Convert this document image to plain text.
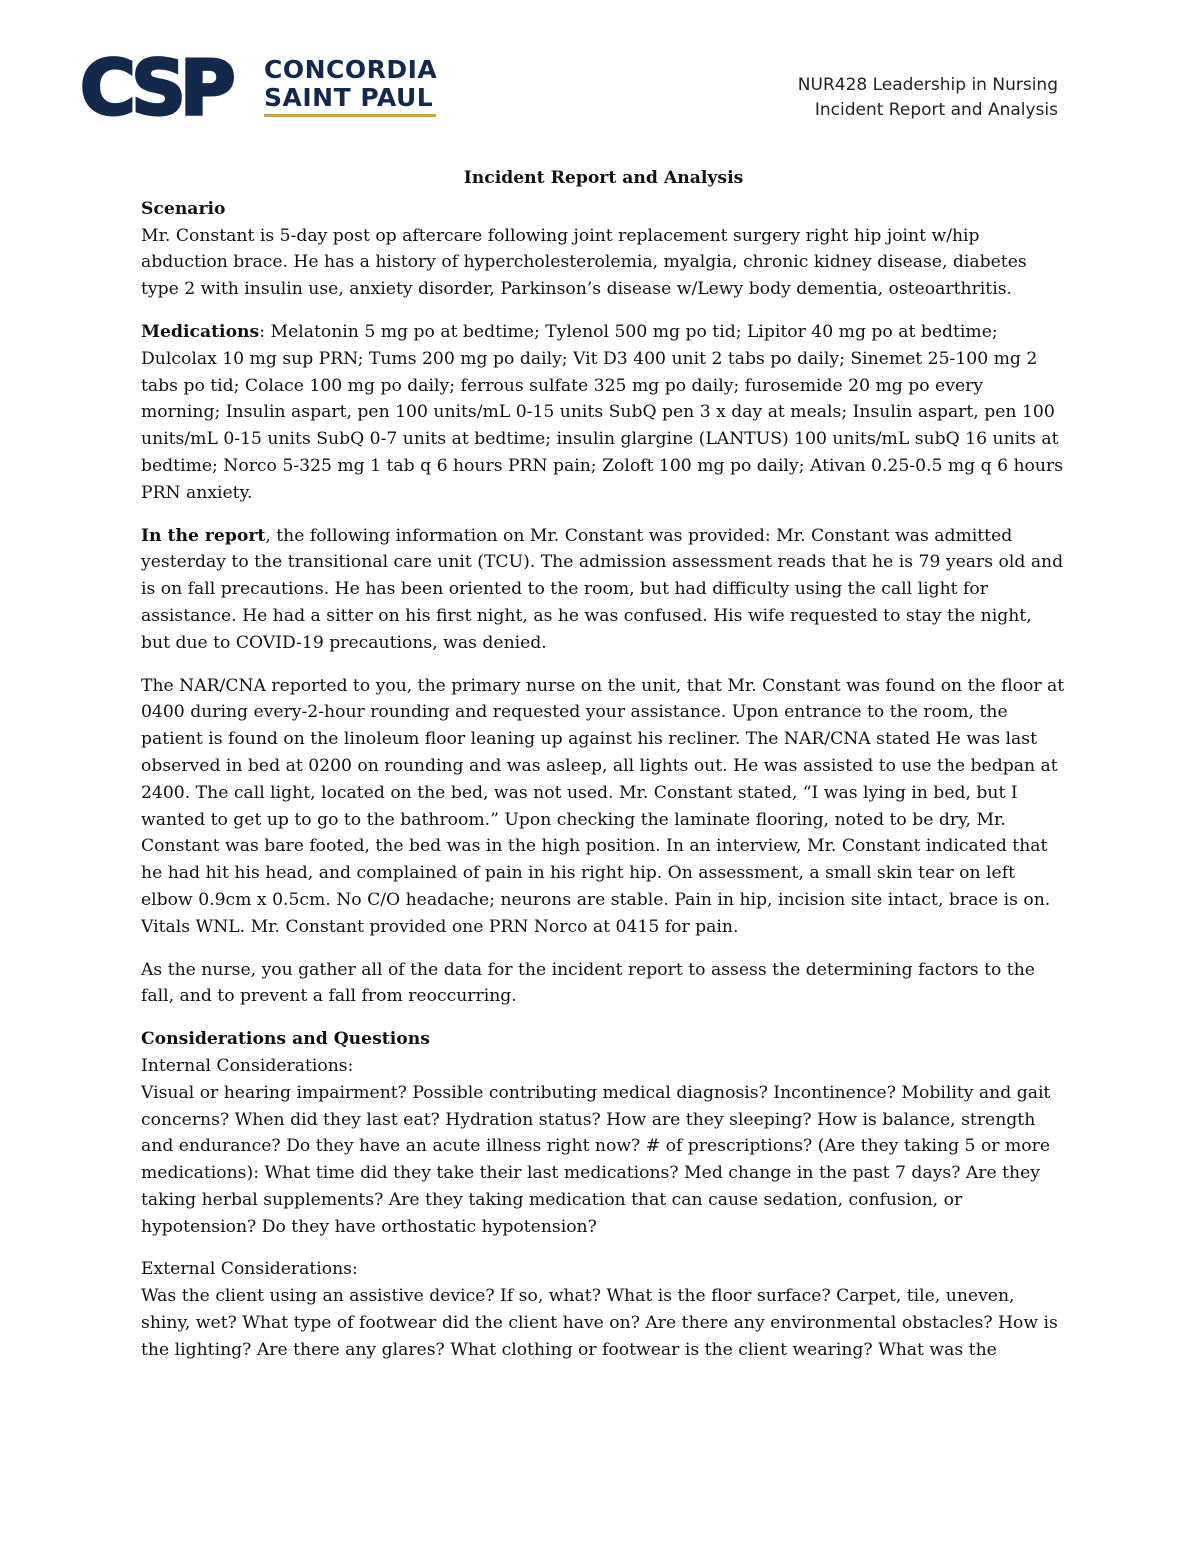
CSP CONCORDIA
SAINT PAUL	NUR428 Leadership in Nursing
Incident Report and Analysis
Incident Report and Analysis
Scenario

Mr. Constant is 5-day post op aftercare following joint replacement surgery right hip joint w/hip abduction brace. He has a history of hypercholesterolemia, myalgia, chronic kidney disease, diabetes type 2 with insulin use, anxiety disorder, Parkinson’s disease w/Lewy body dementia, osteoarthritis.

Medications: Melatonin 5 mg po at bedtime; Tylenol 500 mg po tid; Lipitor 40 mg po at bedtime; Dulcolax 10 mg sup PRN; Tums 200 mg po daily; Vit D3 400 unit 2 tabs po daily; Sinemet 25-100 mg 2 tabs po tid; Colace 100 mg po daily; ferrous sulfate 325 mg po daily; furosemide 20 mg po every morning; Insulin aspart, pen 100 units/mL 0-15 units SubQ pen 3 x day at meals; Insulin aspart, pen 100 units/mL 0-15 units SubQ 0-7 units at bedtime; insulin glargine (LANTUS) 100 units/mL subQ 16 units at bedtime; Norco 5-325 mg 1 tab q 6 hours PRN pain; Zoloft 100 mg po daily; Ativan 0.25-0.5 mg q 6 hours PRN anxiety.

In the report, the following information on Mr. Constant was provided: Mr. Constant was admitted yesterday to the transitional care unit (TCU). The admission assessment reads that he is 79 years old and is on fall precautions. He has been oriented to the room, but had difficulty using the call light for assistance. He had a sitter on his first night, as he was confused. His wife requested to stay the night, but due to COVID-19 precautions, was denied.

The NAR/CNA reported to you, the primary nurse on the unit, that Mr. Constant was found on the floor at 0400 during every-2-hour rounding and requested your assistance. Upon entrance to the room, the patient is found on the linoleum floor leaning up against his recliner. The NAR/CNA stated He was last observed in bed at 0200 on rounding and was asleep, all lights out. He was assisted to use the bedpan at 2400. The call light, located on the bed, was not used. Mr. Constant stated, “I was lying in bed, but I wanted to get up to go to the bathroom.” Upon checking the laminate flooring, noted to be dry, Mr. Constant was bare footed, the bed was in the high position. In an interview, Mr. Constant indicated that he had hit his head, and complained of pain in his right hip. On assessment, a small skin tear on left elbow 0.9cm x 0.5cm. No C/O headache; neurons are stable. Pain in hip, incision site intact, brace is on. Vitals WNL. Mr. Constant provided one PRN Norco at 0415 for pain.

As the nurse, you gather all of the data for the incident report to assess the determining factors to the fall, and to prevent a fall from reoccurring.

Considerations and Questions
Internal Considerations:

Visual or hearing impairment? Possible contributing medical diagnosis? Incontinence? Mobility and gait concerns? When did they last eat? Hydration status? How are they sleeping? How is balance, strength and endurance? Do they have an acute illness right now? # of prescriptions? (Are they taking 5 or more medications): What time did they take their last medications? Med change in the past 7 days? Are they taking herbal supplements? Are they taking medication that can cause sedation, confusion, or hypotension? Do they have orthostatic hypotension?

External Considerations:

Was the client using an assistive device? If so, what? What is the floor surface? Carpet, tile, uneven, shiny, wet? What type of footwear did the client have on? Are there any environmental obstacles? How is the lighting? Are there any glares? What clothing or footwear is the client wearing? What was the
